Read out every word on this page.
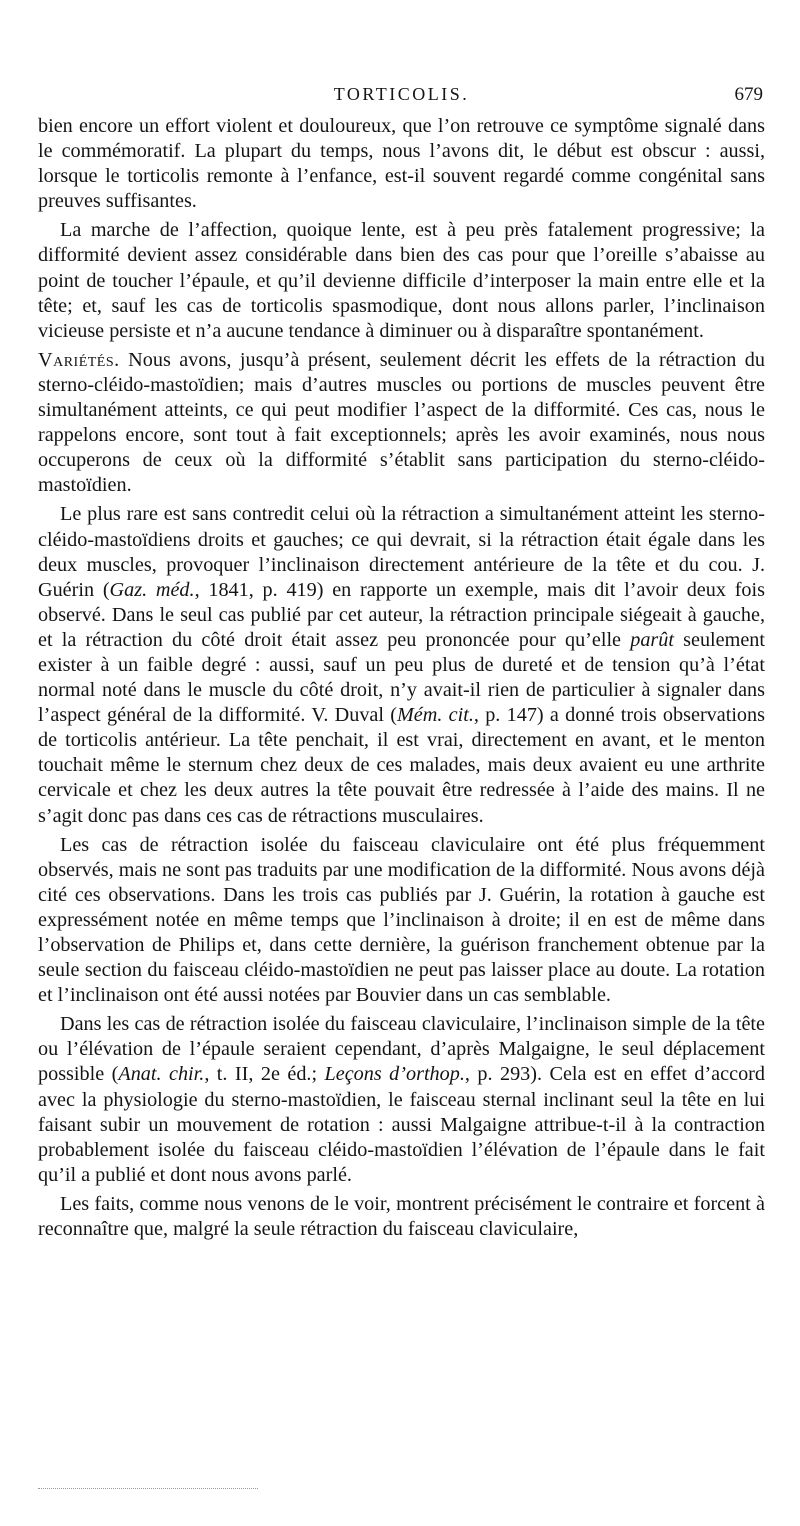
TORTICOLIS.	679

bien encore un effort violent et douloureux, que l’on retrouve ce symptôme signalé dans le commémoratif. La plupart du temps, nous l’avons dit, le début est obscur : aussi, lorsque le torticolis remonte à l’enfance, est-il souvent regardé comme congénital sans preuves suffisantes.

La marche de l’affection, quoique lente, est à peu près fatalement progressive; la difformité devient assez considérable dans bien des cas pour que l’oreille s’abaisse au point de toucher l’épaule, et qu’il devienne difficile d’interposer la main entre elle et la tête; et, sauf les cas de torticolis spasmodique, dont nous allons parler, l’inclinaison vicieuse persiste et n’a aucune tendance à diminuer ou à disparaître spontanément.

Variétés. Nous avons, jusqu’à présent, seulement décrit les effets de la rétraction du sterno-cléido-mastoïdien; mais d’autres muscles ou portions de muscles peuvent être simultanément atteints, ce qui peut modifier l’aspect de la difformité. Ces cas, nous le rappelons encore, sont tout à fait exceptionnels; après les avoir examinés, nous nous occuperons de ceux où la difformité s’établit sans participation du sterno-cléido-mastoïdien.

Le plus rare est sans contredit celui où la rétraction a simultanément atteint les sterno-cléido-mastoïdiens droits et gauches; ce qui devrait, si la rétraction était égale dans les deux muscles, provoquer l’inclinaison directement antérieure de la tête et du cou. J. Guérin (Gaz. méd., 1841, p. 419) en rapporte un exemple, mais dit l’avoir deux fois observé. Dans le seul cas publié par cet auteur, la rétraction principale siégeait à gauche, et la rétraction du côté droit était assez peu prononcée pour qu’elle parût seulement exister à un faible degré : aussi, sauf un peu plus de dureté et de tension qu’à l’état normal noté dans le muscle du côté droit, n’y avait-il rien de particulier à signaler dans l’aspect général de la difformité. V. Duval (Mém. cit., p. 147) a donné trois observations de torticolis antérieur. La tête penchait, il est vrai, directement en avant, et le menton touchait même le sternum chez deux de ces malades, mais deux avaient eu une arthrite cervicale et chez les deux autres la tête pouvait être redressée à l’aide des mains. Il ne s’agit donc pas dans ces cas de rétractions musculaires.

Les cas de rétraction isolée du faisceau claviculaire ont été plus fréquemment observés, mais ne sont pas traduits par une modification de la difformité. Nous avons déjà cité ces observations. Dans les trois cas publiés par J. Guérin, la rotation à gauche est expressément notée en même temps que l’inclinaison à droite; il en est de même dans l’observation de Philips et, dans cette dernière, la guérison franchement obtenue par la seule section du faisceau cléido-mastoïdien ne peut pas laisser place au doute. La rotation et l’inclinaison ont été aussi notées par Bouvier dans un cas semblable.

Dans les cas de rétraction isolée du faisceau claviculaire, l’inclinaison simple de la tête ou l’élévation de l’épaule seraient cependant, d’après Malgaigne, le seul déplacement possible (Anat. chir., t. II, 2e éd.; Leçons d’orthop., p. 293). Cela est en effet d’accord avec la physiologie du sterno-mastoïdien, le faisceau sternal inclinant seul la tête en lui faisant subir un mouvement de rotation : aussi Malgaigne attribue-t-il à la contraction probablement isolée du faisceau cléido-mastoïdien l’élévation de l’épaule dans le fait qu’il a publié et dont nous avons parlé.

Les faits, comme nous venons de le voir, montrent précisément le contraire et forcent à reconnaître que, malgré la seule rétraction du faisceau claviculaire,
